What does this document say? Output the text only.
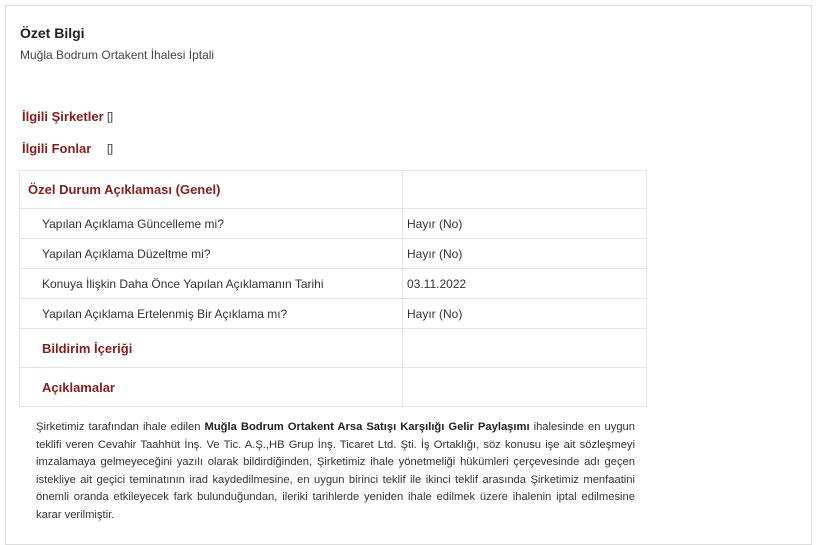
Özet Bilgi
Muğla Bodrum Ortakent İhalesi İptali
İlgili Şirketler []
İlgili Fonlar []
Özel Durum Açıklaması (Genel)	
Yapılan Açıklama Güncelleme mi?	Hayır (No)
Yapılan Açıklama Düzeltme mi?	Hayır (No)
Konuya İlişkin Daha Önce Yapılan Açıklamanın Tarihi	03.11.2022
Yapılan Açıklama Ertelenmiş Bir Açıklama mı?	Hayır (No)
Bildirim İçeriği	
Açıklamalar	
Şirketimiz tarafından ihale edilen Muğla Bodrum Ortakent Arsa Satışı Karşılığı Gelir Paylaşımı ihalesinde en uygun teklifi veren Cevahir Taahhüt İnş. Ve Tic. A.Ş.,HB Grup İnş. Ticaret Ltd. Şti. İş Ortaklığı, söz konusu işe ait sözleşmeyi imzalamaya gelmeyeceğini yazılı olarak bildirdiğinden, Şirketimiz ihale yönetmeliği hükümleri çerçevesinde adı geçen istekliye ait geçici teminatının irad kaydedilmesine, en uygun birinci teklif ile ikinci teklif arasında Şirketimiz menfaatini önemli oranda etkileyecek fark bulunduğundan, ileriki tarihlerde yeniden ihale edilmek üzere ihalenin iptal edilmesine karar verilmiştir.
